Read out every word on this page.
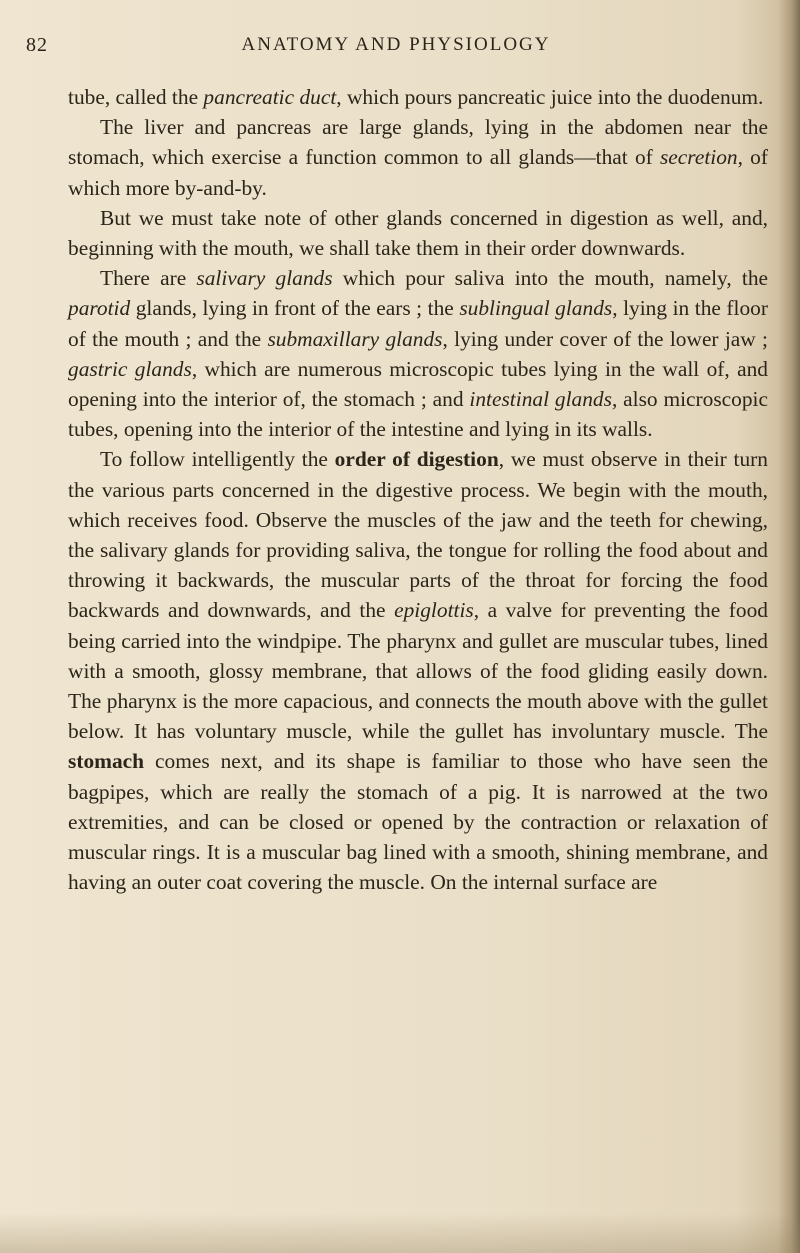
82	ANATOMY AND PHYSIOLOGY

tube, called the pancreatic duct, which pours pancreatic juice into the duodenum.

The liver and pancreas are large glands, lying in the abdomen near the stomach, which exercise a function common to all glands—that of secretion, of which more by-and-by.

But we must take note of other glands concerned in digestion as well, and, beginning with the mouth, we shall take them in their order downwards.

There are salivary glands which pour saliva into the mouth, namely, the parotid glands, lying in front of the ears ; the sublingual glands, lying in the floor of the mouth ; and the submaxillary glands, lying under cover of the lower jaw ; gastric glands, which are numerous microscopic tubes lying in the wall of, and opening into the interior of, the stomach ; and intestinal glands, also microscopic tubes, opening into the interior of the intestine and lying in its walls.

To follow intelligently the order of digestion, we must observe in their turn the various parts concerned in the digestive process. We begin with the mouth, which receives food. Observe the muscles of the jaw and the teeth for chewing, the salivary glands for providing saliva, the tongue for rolling the food about and throwing it backwards, the muscular parts of the throat for forcing the food backwards and downwards, and the epiglottis, a valve for preventing the food being carried into the windpipe. The pharynx and gullet are muscular tubes, lined with a smooth, glossy membrane, that allows of the food gliding easily down. The pharynx is the more capacious, and connects the mouth above with the gullet below. It has voluntary muscle, while the gullet has involuntary muscle. The stomach comes next, and its shape is familiar to those who have seen the bagpipes, which are really the stomach of a pig. It is narrowed at the two extremities, and can be closed or opened by the contraction or relaxation of muscular rings. It is a muscular bag lined with a smooth, shining membrane, and having an outer coat covering the muscle. On the internal surface are
